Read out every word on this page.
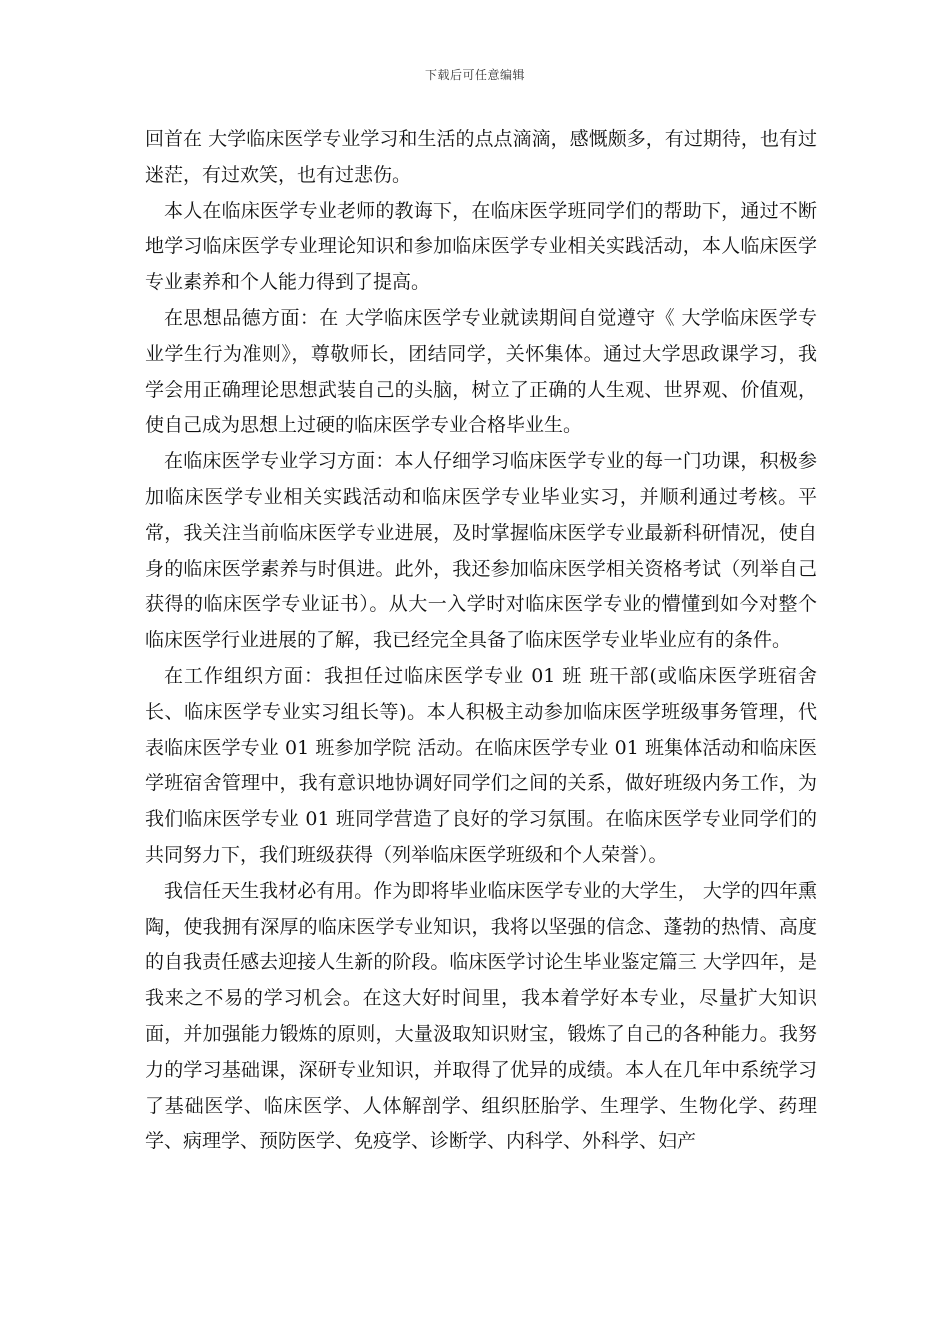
下载后可任意编辑

回首在 大学临床医学专业学习和生活的点点滴滴，感慨颇多，有过期待，也有过迷茫，有过欢笑，也有过悲伤。

本人在临床医学专业老师的教诲下，在临床医学班同学们的帮助下，通过不断地学习临床医学专业理论知识和参加临床医学专业相关实践活动，本人临床医学专业素养和个人能力得到了提高。

在思想品德方面：在 大学临床医学专业就读期间自觉遵守《 大学临床医学专业学生行为准则》，尊敬师长，团结同学，关怀集体。通过大学思政课学习，我学会用正确理论思想武装自己的头脑，树立了正确的人生观、世界观、价值观，使自己成为思想上过硬的临床医学专业合格毕业生。

在临床医学专业学习方面：本人仔细学习临床医学专业的每一门功课，积极参加临床医学专业相关实践活动和临床医学专业毕业实习，并顺利通过考核。平常，我关注当前临床医学专业进展，及时掌握临床医学专业最新科研情况，使自身的临床医学素养与时俱进。此外，我还参加临床医学相关资格考试（列举自己获得的临床医学专业证书）。从大一入学时对临床医学专业的懵懂到如今对整个临床医学行业进展的了解，我已经完全具备了临床医学专业毕业应有的条件。

在工作组织方面：我担任过临床医学专业 01 班 班干部(或临床医学班宿舍长、临床医学专业实习组长等)。本人积极主动参加临床医学班级事务管理，代表临床医学专业 01 班参加学院 活动。在临床医学专业 01 班集体活动和临床医学班宿舍管理中，我有意识地协调好同学们之间的关系，做好班级内务工作，为我们临床医学专业 01 班同学营造了良好的学习氛围。在临床医学专业同学们的共同努力下，我们班级获得（列举临床医学班级和个人荣誉）。

我信任天生我材必有用。作为即将毕业临床医学专业的大学生， 大学的四年熏陶，使我拥有深厚的临床医学专业知识，我将以坚强的信念、蓬勃的热情、高度的自我责任感去迎接人生新的阶段。临床医学讨论生毕业鉴定篇三 大学四年，是我来之不易的学习机会。在这大好时间里，我本着学好本专业，尽量扩大知识面，并加强能力锻炼的原则，大量汲取知识财宝，锻炼了自己的各种能力。我努力的学习基础课，深研专业知识，并取得了优异的成绩。本人在几年中系统学习了基础医学、临床医学、人体解剖学、组织胚胎学、生理学、生物化学、药理学、病理学、预防医学、免疫学、诊断学、内科学、外科学、妇产
